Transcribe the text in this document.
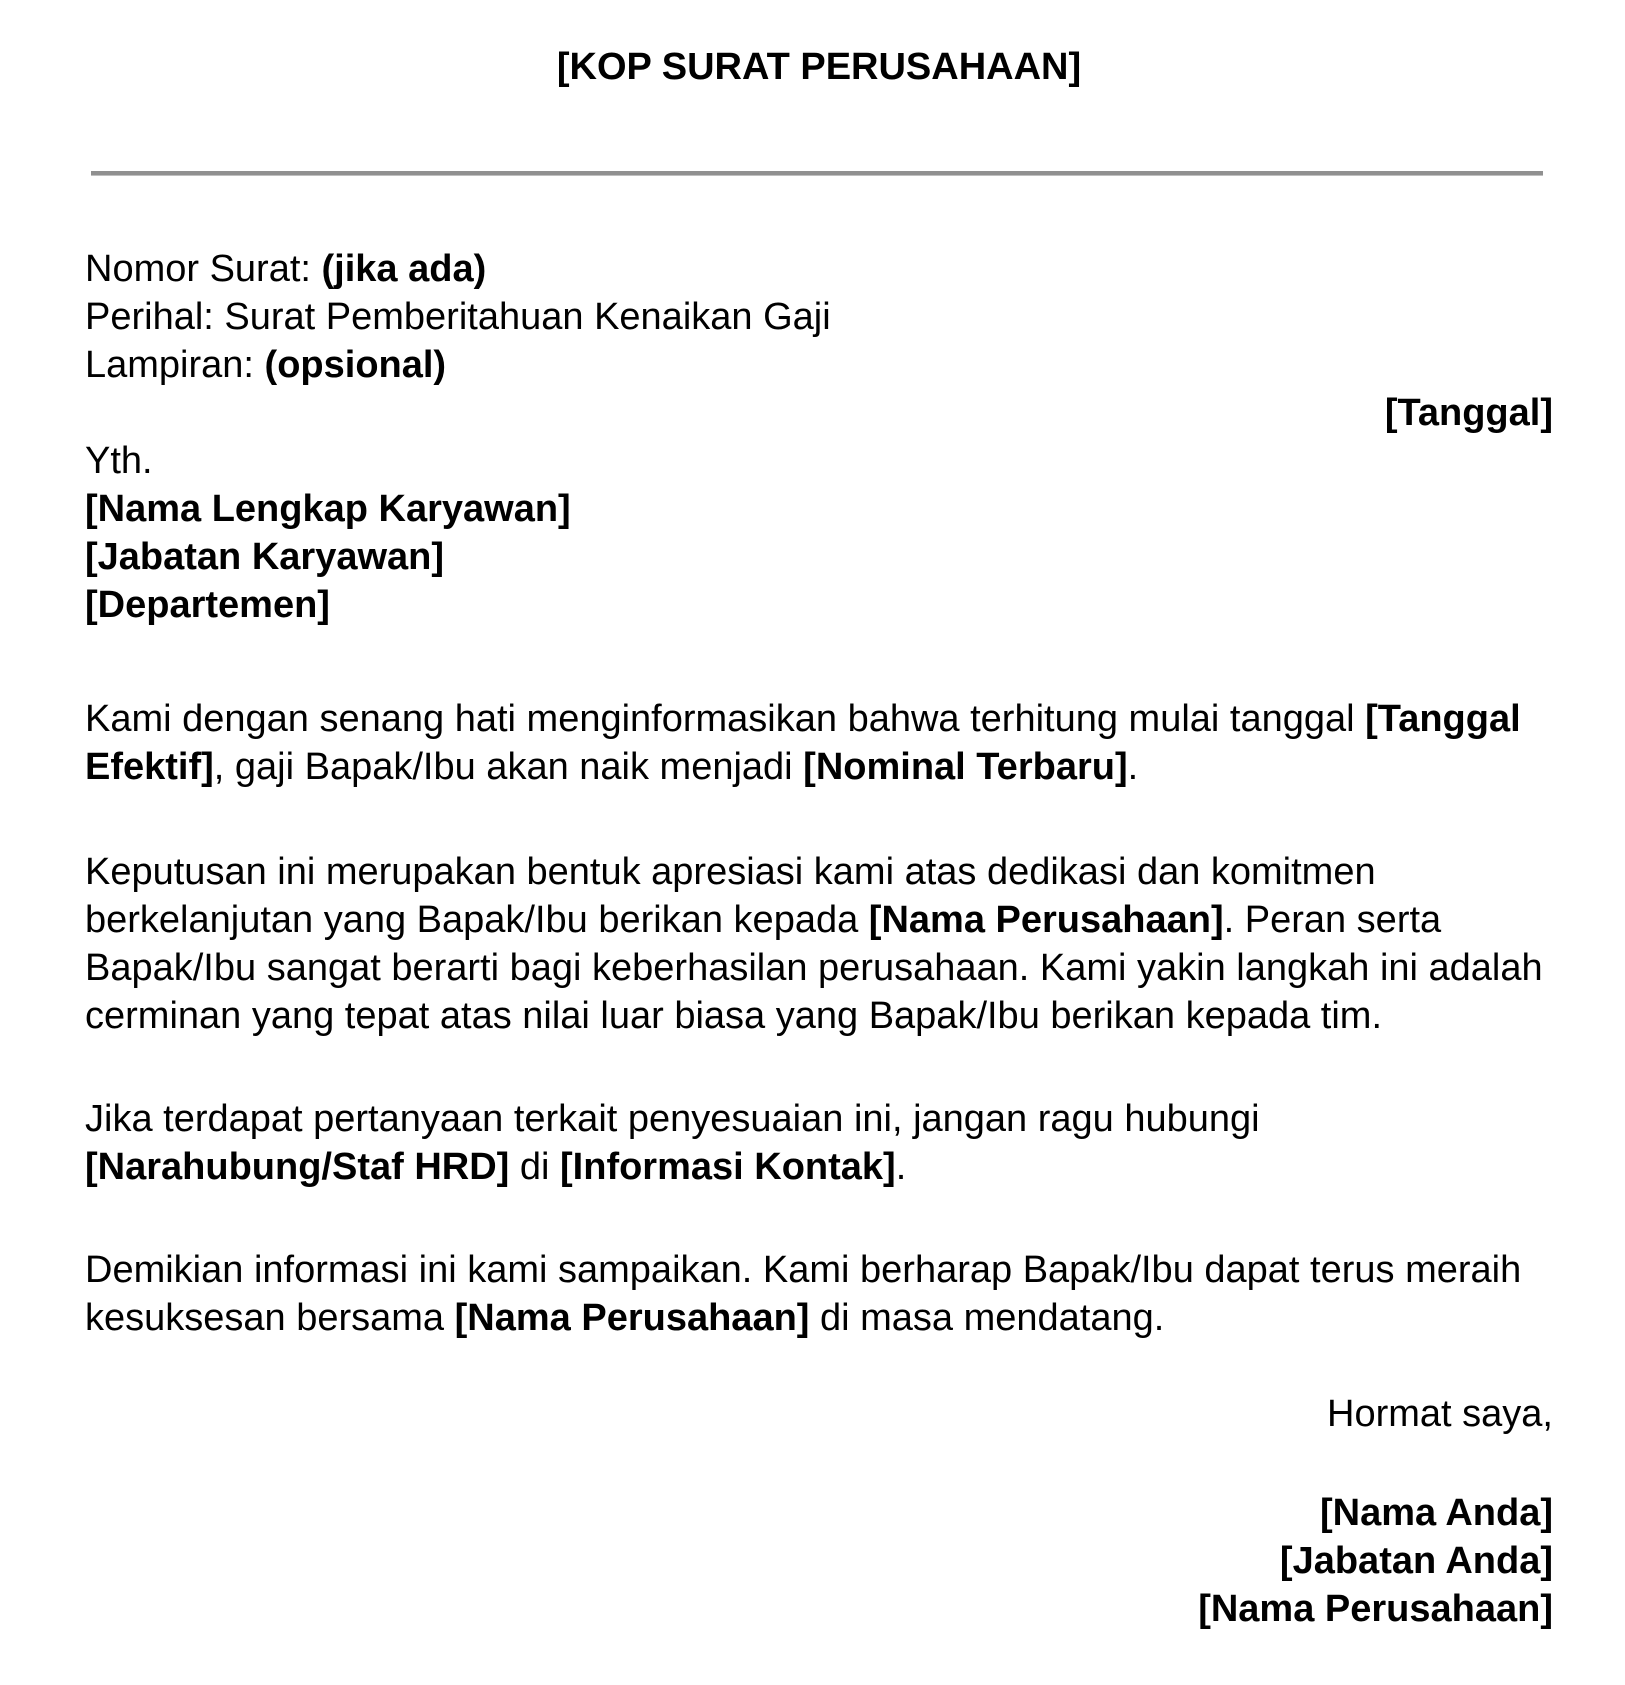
[KOP SURAT PERUSAHAAN]
Nomor Surat: (jika ada)
Perihal: Surat Pemberitahuan Kenaikan Gaji
Lampiran: (opsional)
[Tanggal]
Yth.
[Nama Lengkap Karyawan]
[Jabatan Karyawan]
[Departemen]
Kami dengan senang hati menginformasikan bahwa terhitung mulai tanggal [Tanggal
Efektif], gaji Bapak/Ibu akan naik menjadi [Nominal Terbaru].
Keputusan ini merupakan bentuk apresiasi kami atas dedikasi dan komitmen
berkelanjutan yang Bapak/Ibu berikan kepada [Nama Perusahaan]. Peran serta
Bapak/Ibu sangat berarti bagi keberhasilan perusahaan. Kami yakin langkah ini adalah
cerminan yang tepat atas nilai luar biasa yang Bapak/Ibu berikan kepada tim.
Jika terdapat pertanyaan terkait penyesuaian ini, jangan ragu hubungi
[Narahubung/Staf HRD] di [Informasi Kontak].
Demikian informasi ini kami sampaikan. Kami berharap Bapak/Ibu dapat terus meraih
kesuksesan bersama [Nama Perusahaan] di masa mendatang.
Hormat saya,
[Nama Anda]
[Jabatan Anda]
[Nama Perusahaan]
